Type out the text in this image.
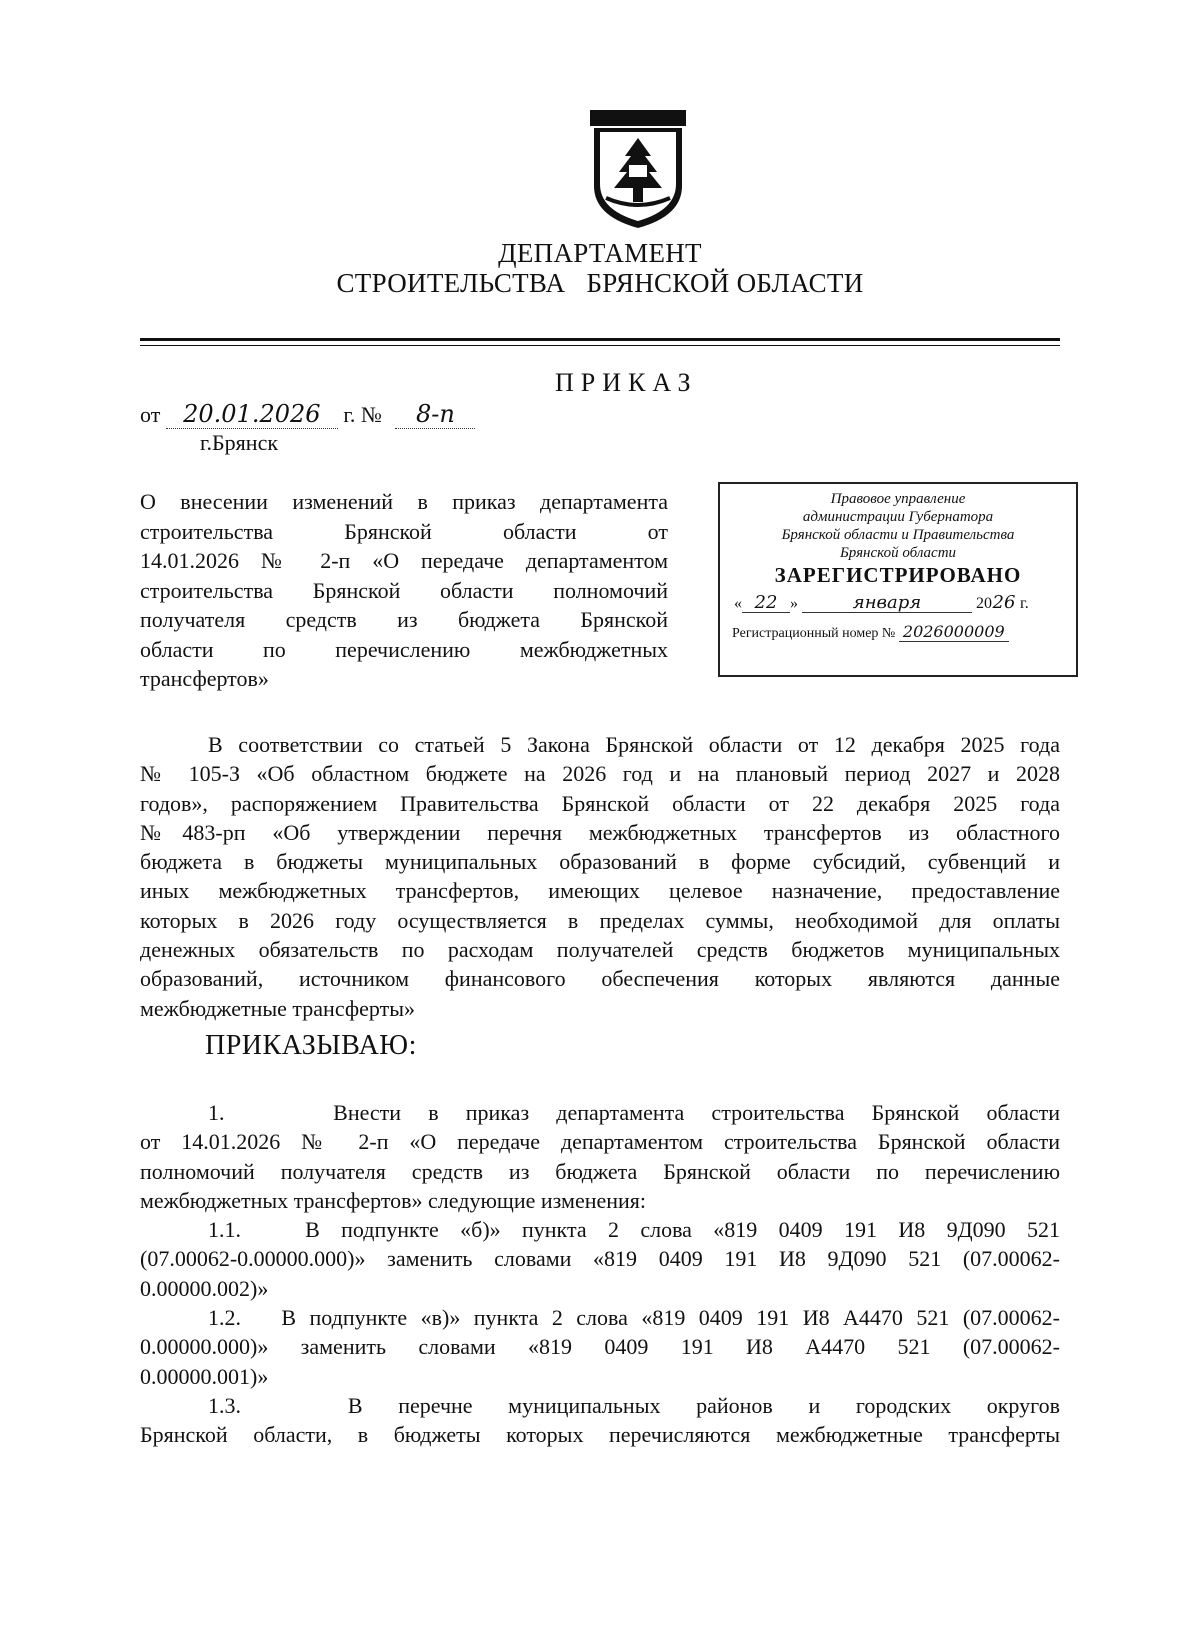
ДЕПАРТАМЕНТ
СТРОИТЕЛЬСТВА   БРЯНСКОЙ ОБЛАСТИ
ПРИКАЗ
от 20.01.2026 г. № 8-п
г.Брянск
О внесении изменений в приказ департамента
строительства Брянской области от
14.01.2026 № 2-п «О передаче департаментом
строительства Брянской области полномочий
получателя средств из бюджета Брянской
области по перечислению межбюджетных
трансфертов»
Правовое управление
администрации Губернатора
Брянской области и Правительства
Брянской области
ЗАРЕГИСТРИРОВАНО
« 22 »	января	2026 г.
Регистрационный номер № 2026000009
В соответствии со статьей 5 Закона Брянской области от 12 декабря 2025 года
№ 105-З «Об областном бюджете на 2026 год и на плановый период 2027 и 2028
годов», распоряжением Правительства Брянской области от 22 декабря 2025 года
№483-рп «Об утверждении перечня межбюджетных трансфертов из областного
бюджета в бюджеты муниципальных образований в форме субсидий, субвенций и
иных межбюджетных трансфертов, имеющих целевое назначение, предоставление
которых в 2026 году осуществляется в пределах суммы, необходимой для оплаты
денежных обязательств по расходам получателей средств бюджетов муниципальных
образований, источником финансового обеспечения которых являются данные
межбюджетные трансферты»
ПРИКАЗЫВАЮ:
1.    Внести в приказ департамента строительства Брянской области
от 14.01.2026 № 2-п «О передаче департаментом строительства Брянской области
полномочий получателя средств из бюджета Брянской области по перечислению
межбюджетных трансфертов» следующие изменения:
1.1.   В подпункте «б)» пункта 2 слова «819 0409 191 И8 9Д090 521
(07.00062-0.00000.000)» заменить словами «819 0409 191 И8 9Д090 521 (07.00062-
0.00000.002)»
1.2.   В подпункте «в)» пункта 2 слова «819 0409 191 И8 А4470 521 (07.00062-
0.00000.000)» заменить словами «819 0409 191 И8 А4470 521 (07.00062-
0.00000.001)»
1.3.   В перечне муниципальных районов и городских округов
Брянской области, в бюджеты которых перечисляются межбюджетные трансферты
